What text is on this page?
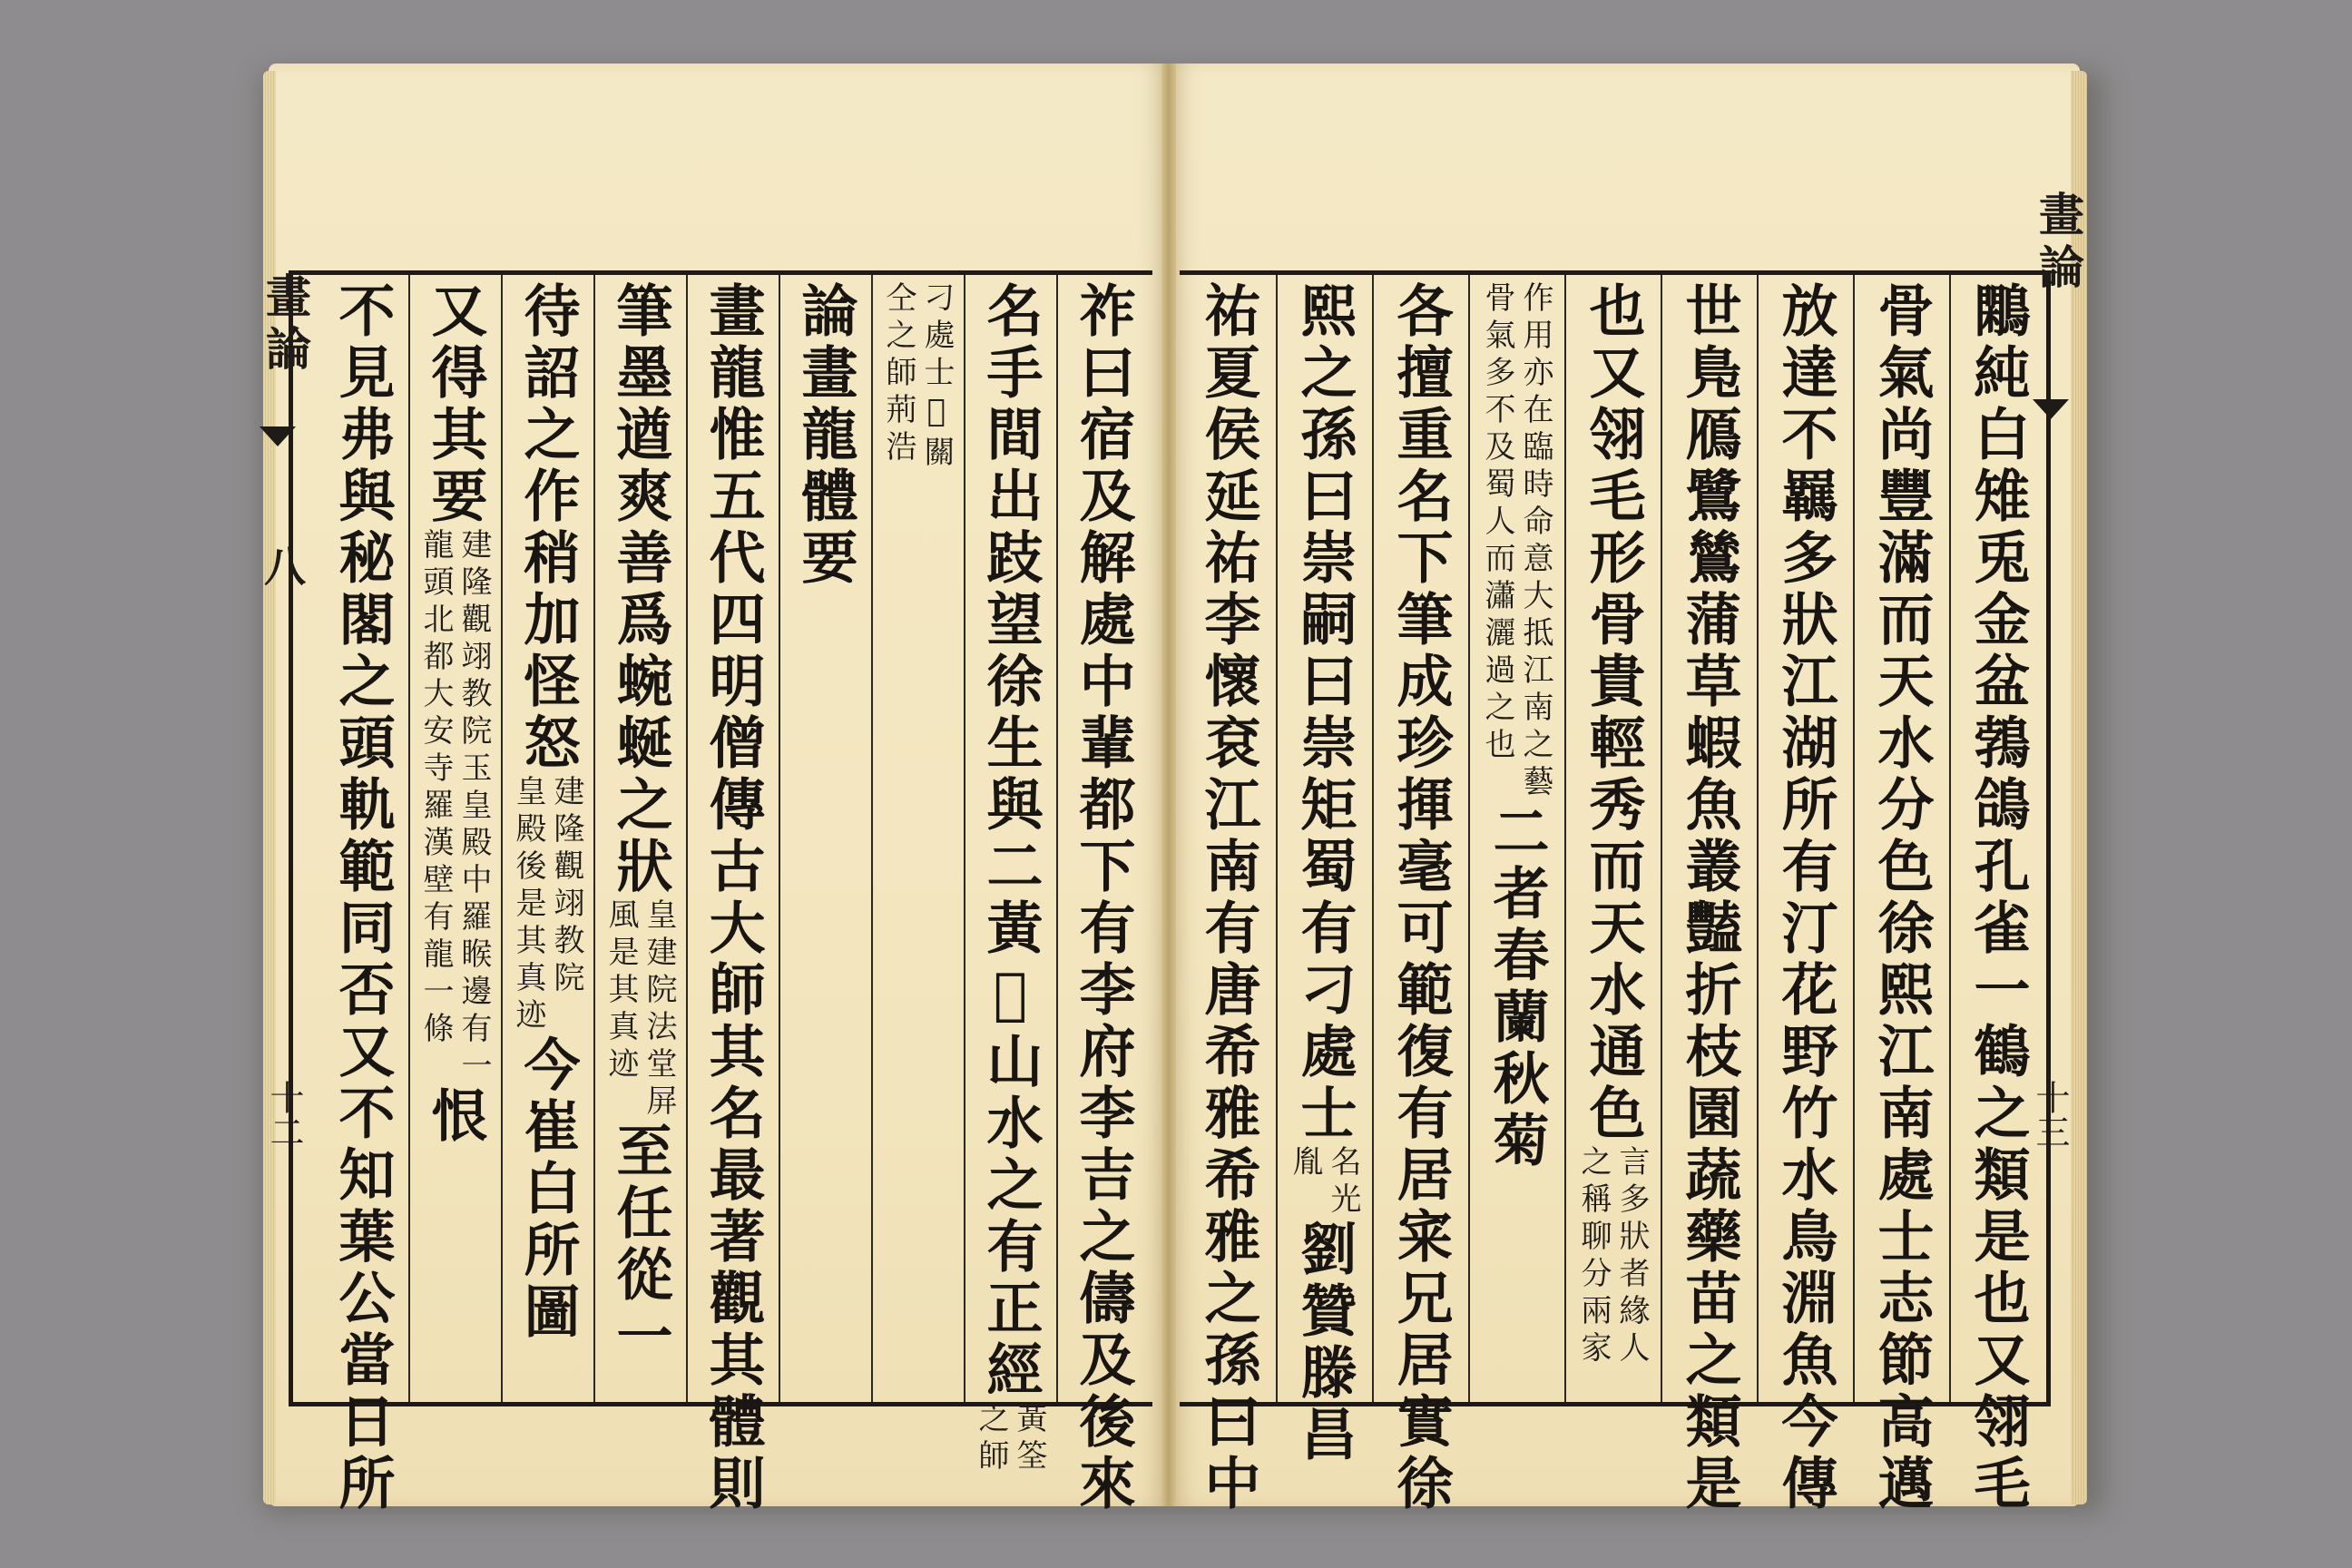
畫論
八
十二
畫論
十三
祚曰宿及解處中輩都下有李府李吉之儔及後來
名手間出跂望徐生與二黃𨦟山水之有正經
黃筌
之師
刁處士𨦟關
仝之師荊浩
論畫龍體要
畫龍惟五代四明僧傳古大師其名最著觀其體則
筆墨遒爽善爲蜿蜒之狀
皇建院法堂屏
風是其真迹
至任從一
待詔之作稍加怪怒
建隆觀翊教院
皇殿後是其真迹
今崔白所圖
又得其要
建隆觀翊教院玉皇殿中羅睺邊有一
龍頭北都大安寺羅漢壁有龍一條
恨
不見弗與秘閣之頭軌範同否又不知葉公當日所	鷴純白雉兎金盆鵓鴿孔雀一鶴之類是也又翎毛
骨氣尚豐滿而天水分色徐熙江南處士志節高邁
放達不羈多狀江湖所有汀花野竹水鳥淵魚今傳
世鳬鴈鷺鷥蒲草蝦魚叢豔折枝園蔬藥苗之類是
也又翎毛形骨貴輕秀而天水通色
言多狀者緣人
之稱聊分兩家
作用亦在臨時命意大抵江南之藝
骨氣多不及蜀人而瀟灑過之也
二者春蘭秋菊
各擅重名下筆成珍揮毫可範復有居宷兄居實徐
熙之孫曰崇嗣曰崇矩蜀有刁處士
名光
胤
劉贊滕昌
祐夏侯延祐李懷袞江南有唐希雅希雅之孫曰中
